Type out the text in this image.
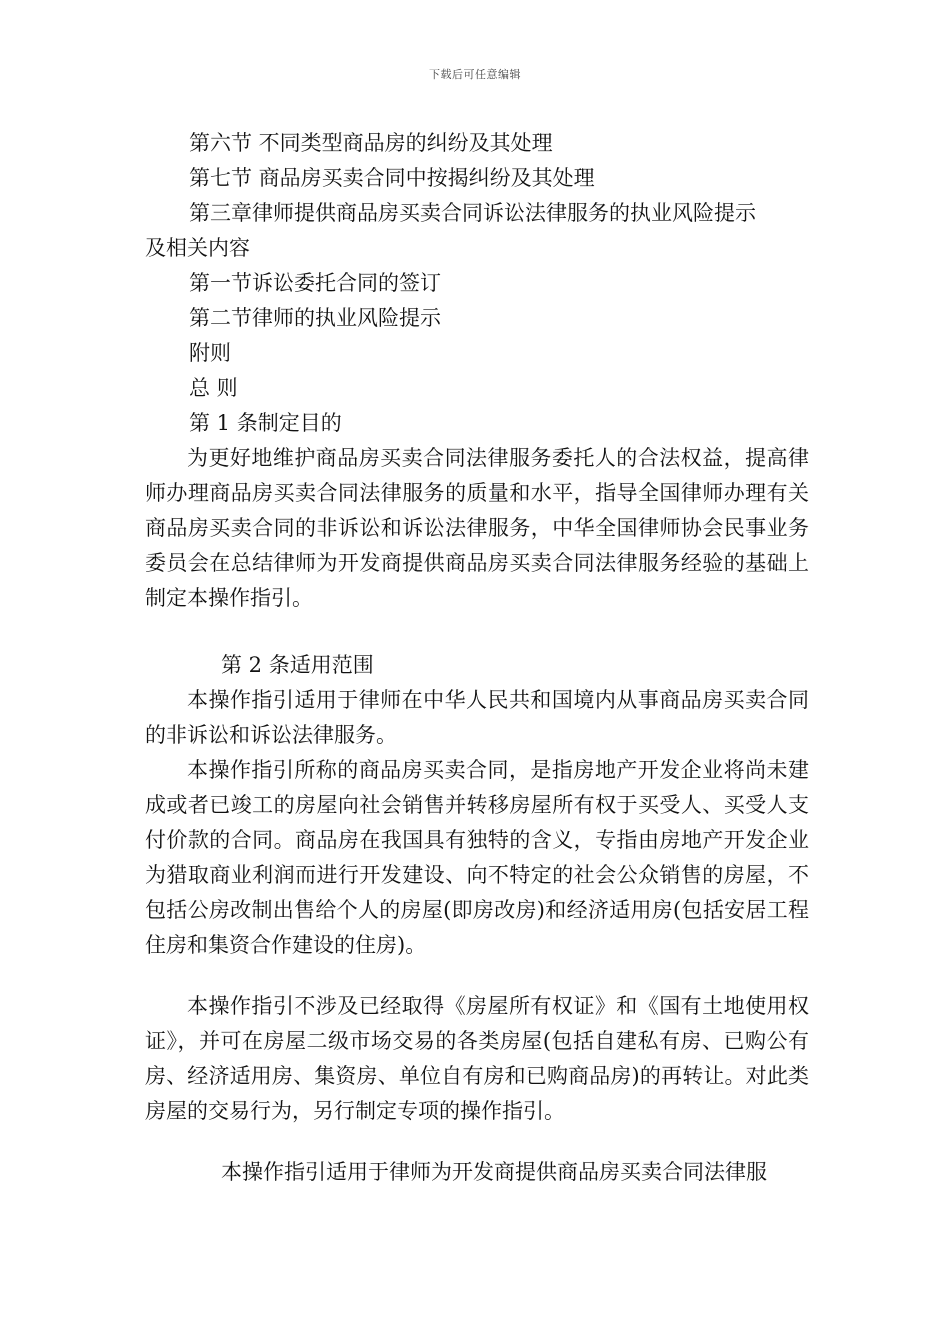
下载后可任意编辑

第六节 不同类型商品房的纠纷及其处理

第七节 商品房买卖合同中按揭纠纷及其处理

第三章律师提供商品房买卖合同诉讼法律服务的执业风险提示

及相关内容

第一节诉讼委托合同的签订

第二节律师的执业风险提示

附则

总 则

第 1 条制定目的

为更好地维护商品房买卖合同法律服务委托人的合法权益，提高律师办理商品房买卖合同法律服务的质量和水平，指导全国律师办理有关商品房买卖合同的非诉讼和诉讼法律服务，中华全国律师协会民事业务委员会在总结律师为开发商提供商品房买卖合同法律服务经验的基础上制定本操作指引。

第 2 条适用范围

本操作指引适用于律师在中华人民共和国境内从事商品房买卖合同的非诉讼和诉讼法律服务。

本操作指引所称的商品房买卖合同，是指房地产开发企业将尚未建成或者已竣工的房屋向社会销售并转移房屋所有权于买受人、买受人支付价款的合同。商品房在我国具有独特的含义，专指由房地产开发企业为猎取商业利润而进行开发建设、向不特定的社会公众销售的房屋，不包括公房改制出售给个人的房屋(即房改房)和经济适用房(包括安居工程住房和集资合作建设的住房)。

本操作指引不涉及已经取得《房屋所有权证》和《国有土地使用权证》，并可在房屋二级市场交易的各类房屋(包括自建私有房、已购公有房、经济适用房、集资房、单位自有房和已购商品房)的再转让。对此类房屋的交易行为，另行制定专项的操作指引。

本操作指引适用于律师为开发商提供商品房买卖合同法律服
